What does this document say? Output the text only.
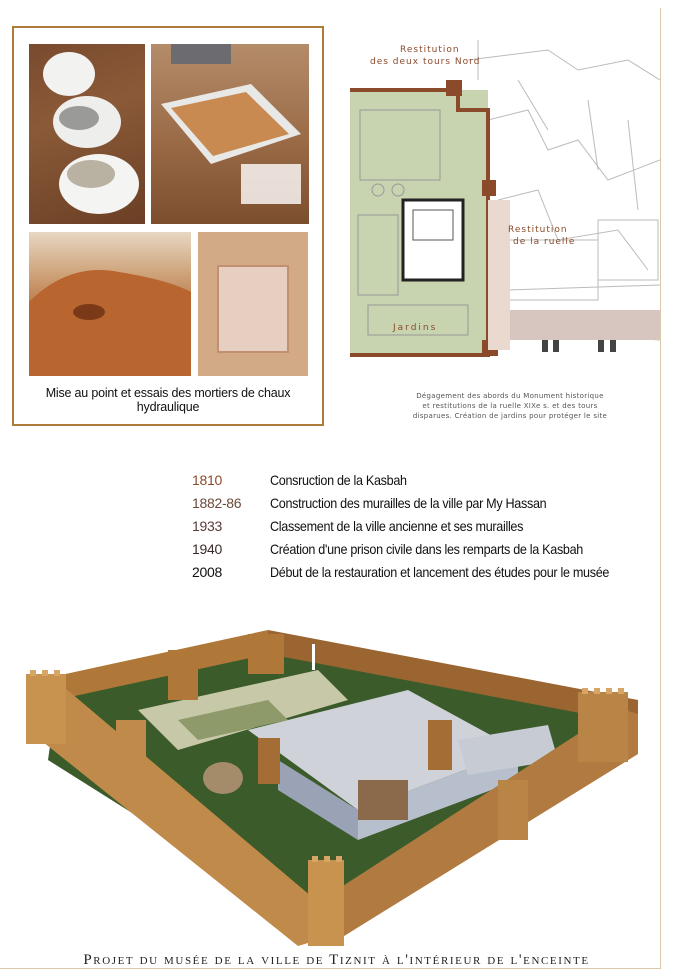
Mise au point et essais des mortiers de chaux hydraulique
Restitution
des deux tours Nord
Restitution
de la ruelle
Jardins
Dégagement des abords du Monument historique
et restitutions de la ruelle XIXe s. et des tours
disparues. Création de jardins pour protéger le site
1810	Consruction de la Kasbah
1882-86	Construction des murailles de la ville par My Hassan
1933	Classement de la ville ancienne et ses murailles
1940	Création d'une prison civile dans les remparts de la Kasbah
2008	Début de la restauration et lancement des études pour le musée
Projet du musée de la ville de Tiznit à l'intérieur de l'enceinte
